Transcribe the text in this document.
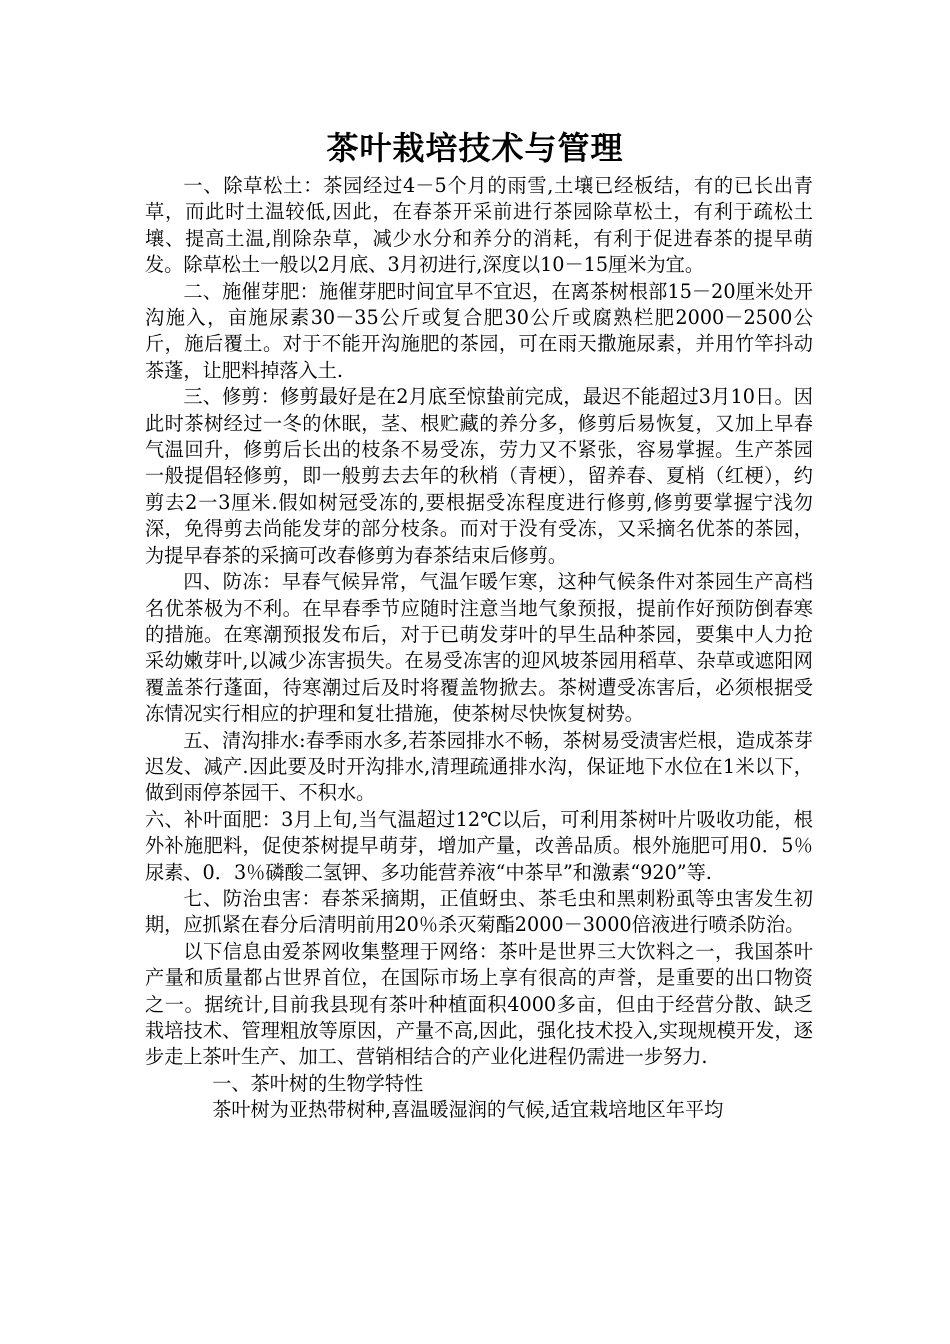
茶叶栽培技术与管理

一、除草松土：茶园经过4－5个月的雨雪,土壤已经板结，有的已长出青草，而此时土温较低,因此，在春茶开采前进行茶园除草松土，有利于疏松土壤、提高土温,削除杂草，减少水分和养分的消耗，有利于促进春茶的提早萌发。除草松土一般以2月底、3月初进行,深度以10－15厘米为宜。

二、施催芽肥：施催芽肥时间宜早不宜迟，在离茶树根部15－20厘米处开沟施入，亩施尿素30－35公斤或复合肥30公斤或腐熟栏肥2000－2500公斤，施后覆土。对于不能开沟施肥的茶园，可在雨天撒施尿素，并用竹竿抖动茶蓬，让肥料掉落入土.

三、修剪：修剪最好是在2月底至惊蛰前完成，最迟不能超过3月10日。因此时茶树经过一冬的休眠，茎、根贮藏的养分多，修剪后易恢复，又加上早春气温回升，修剪后长出的枝条不易受冻，劳力又不紧张，容易掌握。生产茶园一般提倡轻修剪，即一般剪去去年的秋梢（青梗），留养春、夏梢（红梗），约剪去2一3厘米.假如树冠受冻的,要根据受冻程度进行修剪,修剪要掌握宁浅勿深，免得剪去尚能发芽的部分枝条。而对于没有受冻，又采摘名优茶的茶园，为提早春茶的采摘可改春修剪为春茶结束后修剪。

四、防冻：早春气候异常，气温乍暖乍寒，这种气候条件对茶园生产高档名优茶极为不利。在早春季节应随时注意当地气象预报，提前作好预防倒春寒的措施。在寒潮预报发布后，对于已萌发芽叶的早生品种茶园，要集中人力抢采幼嫩芽叶,以减少冻害损失。在易受冻害的迎风坡茶园用稻草、杂草或遮阳网覆盖茶行蓬面，待寒潮过后及时将覆盖物掀去。茶树遭受冻害后，必须根据受冻情况实行相应的护理和复壮措施，使茶树尽快恢复树势。

五、清沟排水:春季雨水多,若茶园排水不畅，茶树易受渍害烂根，造成茶芽迟发、减产.因此要及时开沟排水,清理疏通排水沟，保证地下水位在1米以下，做到雨停茶园干、不积水。

六、补叶面肥：3月上旬,当气温超过12℃以后，可利用茶树叶片吸收功能，根外补施肥料，促使茶树提早萌芽，增加产量，改善品质。根外施肥可用0．5％尿素、0．3％磷酸二氢钾、多功能营养液“中茶早”和激素“920”等.

七、防治虫害：春茶采摘期，正值蚜虫、茶毛虫和黑刺粉虱等虫害发生初期，应抓紧在春分后清明前用20％杀灭菊酯2000－3000倍液进行喷杀防治。

以下信息由爱茶网收集整理于网络：茶叶是世界三大饮料之一，我国茶叶产量和质量都占世界首位，在国际市场上享有很高的声誉，是重要的出口物资之一。据统计,目前我县现有茶叶种植面积4000多亩，但由于经营分散、缺乏栽培技术、管理粗放等原因，产量不高,因此，强化技术投入,实现规模开发，逐步走上茶叶生产、加工、营销相结合的产业化进程仍需进一步努力.

一、茶叶树的生物学特性

茶叶树为亚热带树种,喜温暖湿润的气候,适宜栽培地区年平均
